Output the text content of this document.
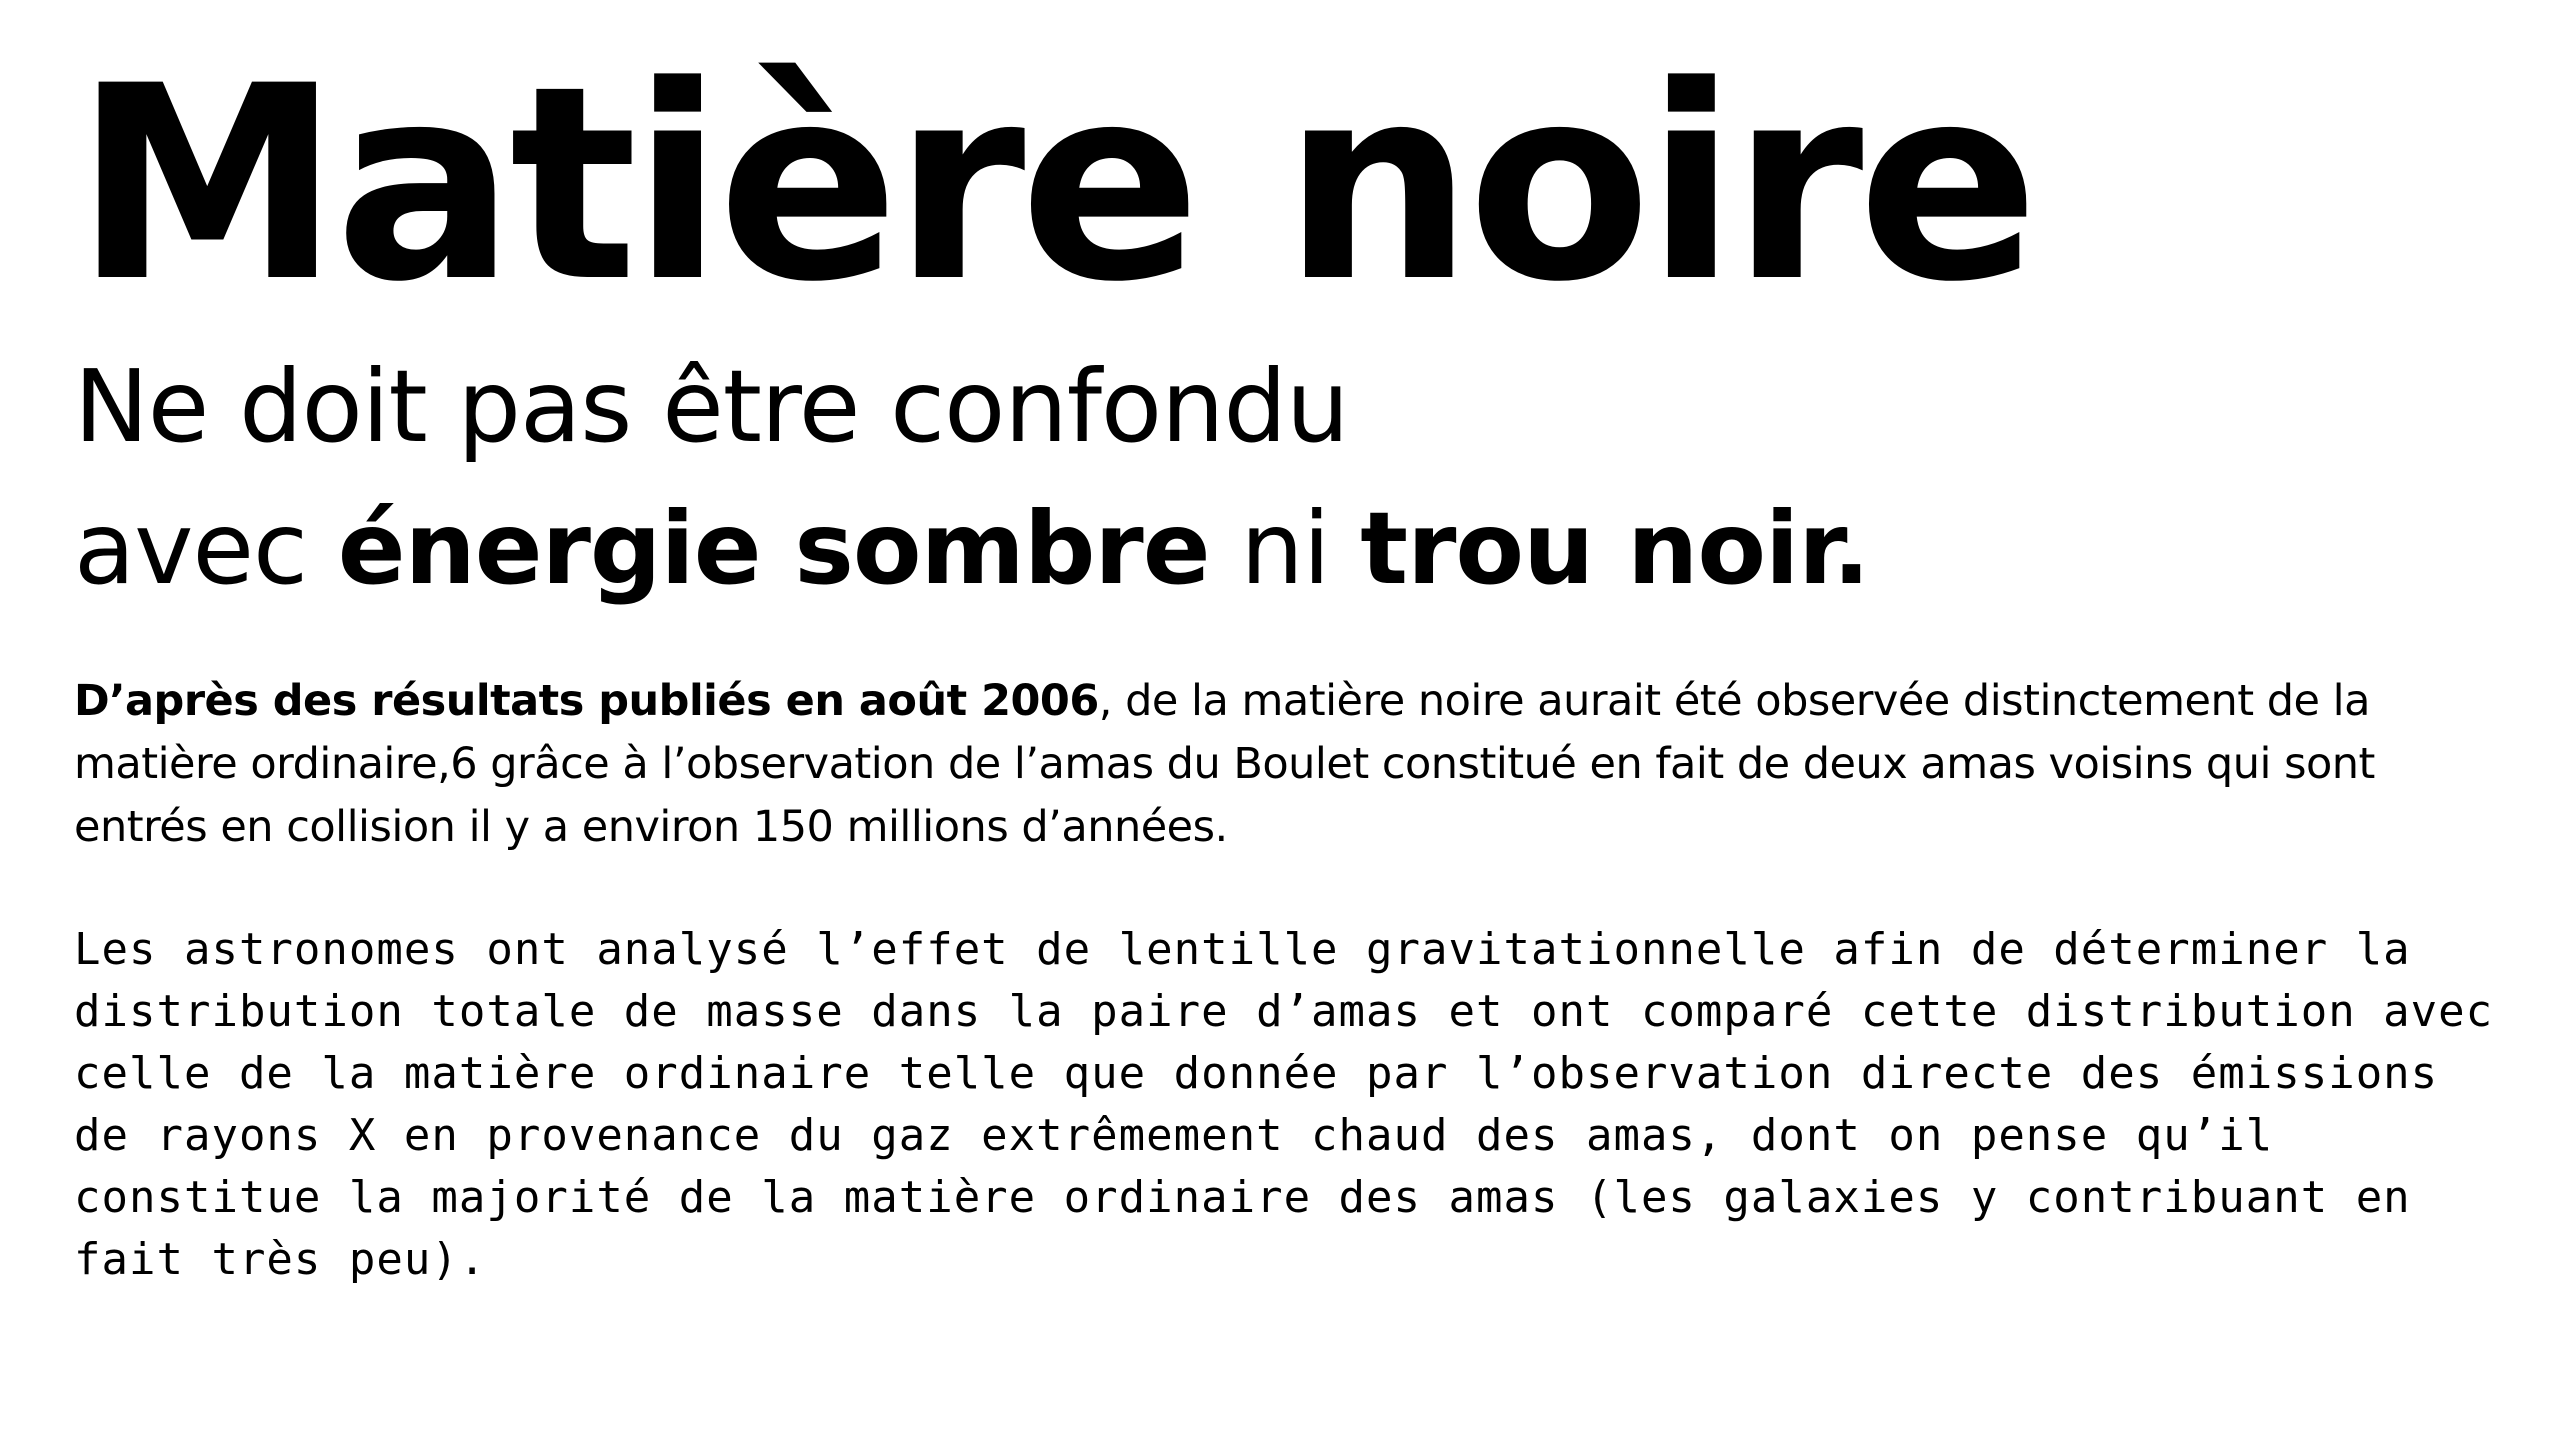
Matière noire
Ne doit pas être confondu
avec énergie sombre ni trou noir.

D’après des résultats publiés en août 2006, de la matière noire aurait été observée distinctement de la matière ordinaire,6 grâce à l’observation de l’amas du Boulet constitué en fait de deux amas voisins qui sont entrés en collision il y a environ 150 millions d’années.

Les astronomes ont analysé l’effet de lentille gravitationnelle afin de déterminer la distribution totale de masse dans la paire d’amas et ont comparé cette distribution avec celle de la matière ordinaire telle que donnée par l’observation directe des émissions de rayons X en provenance du gaz extrêmement chaud des amas, dont on pense qu’il constitue la majorité de la matière ordinaire des amas (les galaxies y contribuant en fait très peu).
